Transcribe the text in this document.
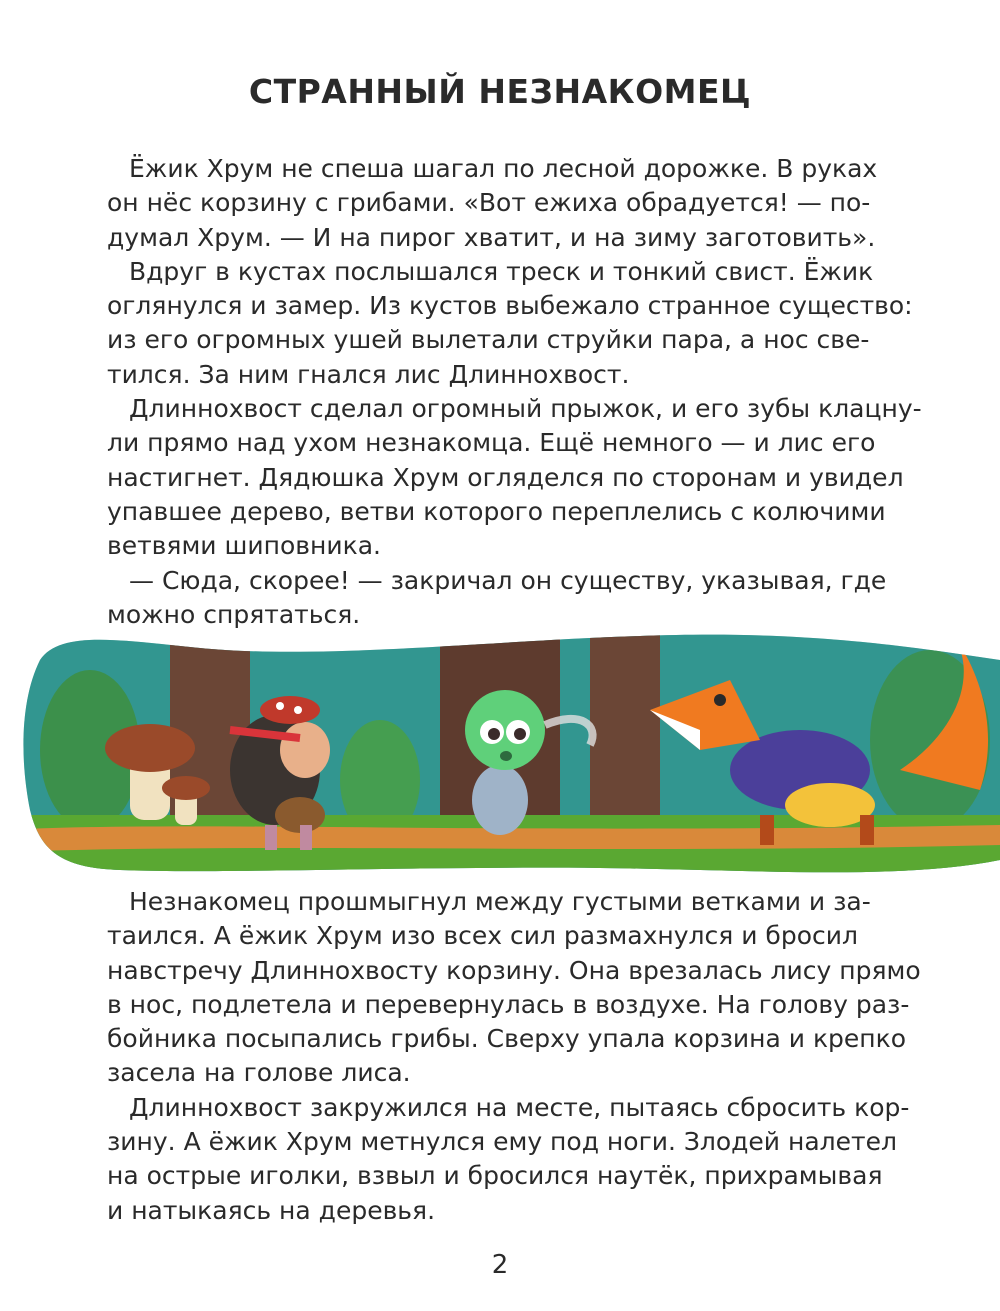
СТРАННЫЙ НЕЗНАКОМЕЦ

Ёжик Хрум не спеша шагал по лесной дорожке. В руках
он нёс корзину с грибами. «Вот ежиха обрадуется! — по-
думал Хрум. — И на пирог хватит, и на зиму заготовить».

Вдруг в кустах послышался треск и тонкий свист. Ёжик
оглянулся и замер. Из кустов выбежало странное существо:
из его огромных ушей вылетали струйки пара, а нос све-
тился. За ним гнался лис Длиннохвост.

Длиннохвост сделал огромный прыжок, и его зубы клацну-
ли прямо над ухом незнакомца. Ещё немного — и лис его
настигнет. Дядюшка Хрум огляделся по сторонам и увидел
упавшее дерево, ветви которого переплелись с колючими
ветвями шиповника.

— Сюда, скорее! — закричал он существу, указывая, где
можно спрятаться.

Незнакомец прошмыгнул между густыми ветками и за-
таился. А ёжик Хрум изо всех сил размахнулся и бросил
навстречу Длиннохвосту корзину. Она врезалась лису прямо
в нос, подлетела и перевернулась в воздухе. На голову раз-
бойника посыпались грибы. Сверху упала корзина и крепко
засела на голове лиса.

Длиннохвост закружился на месте, пытаясь сбросить кор-
зину. А ёжик Хрум метнулся ему под ноги. Злодей налетел
на острые иголки, взвыл и бросился наутёк, прихрамывая
и натыкаясь на деревья.

2
